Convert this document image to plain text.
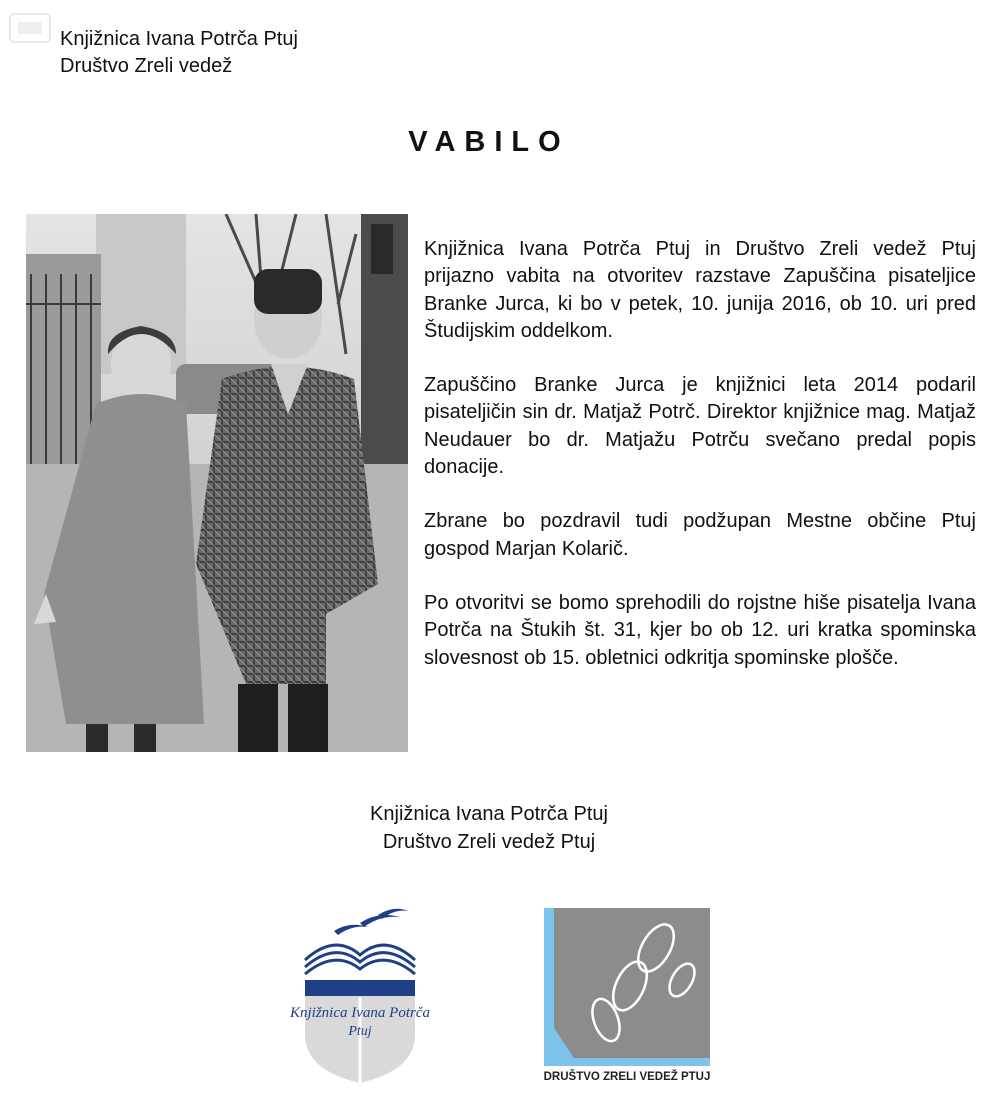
Knjižnica Ivana Potrča Ptuj
Društvo Zreli vedež
VABILO

Knjižnica Ivana Potrča Ptuj in Društvo Zreli vedež Ptuj prijazno vabita na otvoritev razstave Zapuščina pisateljice Branke Jurca, ki bo v petek, 10. junija 2016, ob 10. uri pred Študijskim oddelkom.

Zapuščino Branke Jurca je knjižnici leta 2014 podaril pisateljičin sin dr. Matjaž Potrč. Direktor knjižnice mag. Matjaž Neudauer bo dr. Matjažu Potrču svečano predal popis donacije.

Zbrane bo pozdravil tudi podžupan Mestne občine Ptuj gospod Marjan Kolarič.

Po otvoritvi se bomo sprehodili do rojstne hiše pisatelja Ivana Potrča na Štukih št. 31, kjer bo ob 12. uri kratka spominska slovesnost ob 15. obletnici odkritja spominske plošče.

Knjižnica Ivana Potrča Ptuj
Društvo Zreli vedež Ptuj
Knjižnica Ivana Potrča
Ptuj
DRUŠTVO ZRELI VEDEŽ PTUJ
